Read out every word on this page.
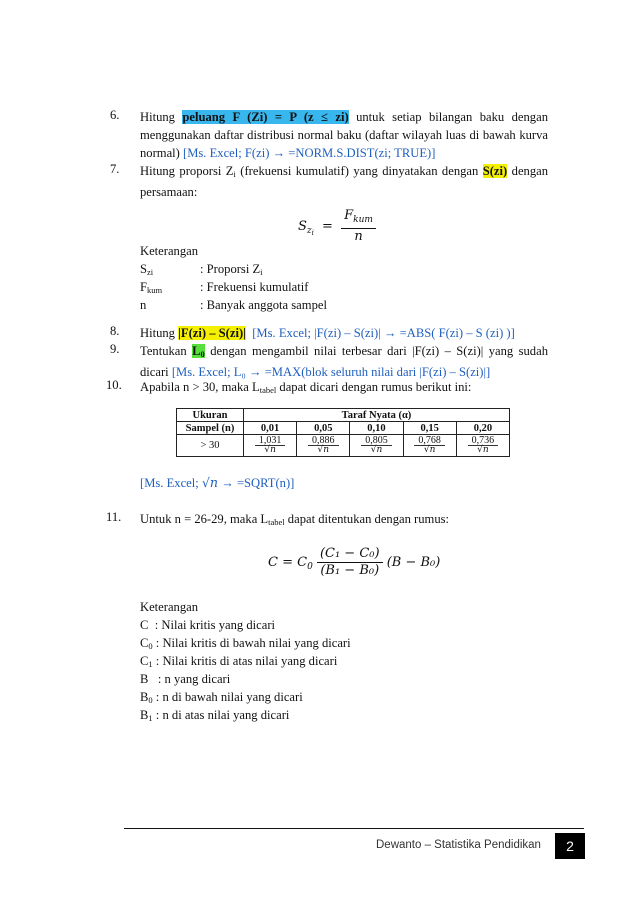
6.	Hitung peluang F (Zi) = P (z ≤ zi) untuk setiap bilangan baku dengan menggunakan daftar distribusi normal baku (daftar wilayah luas di bawah kurva normal) [Ms. Excel; F(zi) → =NORM.S.DIST(zi; TRUE)]
7.	Hitung proporsi $Z_i$ (frekuensi kumulatif) yang dinyatakan dengan S(zi) dengan persamaan:
$S_{z_i} = \frac{F_{kum}}{n}$
Keterangan
$S_{zi}$	: Proporsi $Z_i$
$F_{kum}$	: Frekuensi kumulatif
n	: Banyak anggota sampel
8.	Hitung |F(zi) – S(zi)|  [Ms. Excel; |F(zi) – S(zi)| → =ABS( F(zi) – S (zi) )]
9.	Tentukan $L_0$ dengan mengambil nilai terbesar dari |F(zi) – S(zi)| yang sudah dicari [Ms. Excel; L₀ → =MAX(blok seluruh nilai dari |F(zi) – S(zi)|]
10.	Apabila n > 30, maka $L_{tabel}$ dapat dicari dengan rumus berikut ini:
Ukuran	Taraf Nyata (α)				
Sampel (n)	0,01	0,05	0,10	0,15	0,20
> 30	$\frac{1,031}{√n}$	$\frac{0,886}{√n}$	$\frac{0,805}{√n}$	$\frac{0,768}{√n}$	$\frac{0,736}{√n}$
[Ms. Excel; √n → =SQRT(n)]
11.	Untuk n = 26-29, maka $L_{tabel}$ dapat ditentukan dengan rumus:
$C = C_0 \frac{\text{(C₁ − C₀)}}{\text{(B₁ − B₀)}} (B - B_0)$
Keterangan
C  : Nilai kritis yang dicari
$C_0$ : Nilai kritis di bawah nilai yang dicari
$C_1$ : Nilai kritis di atas nilai yang dicari
B   : n yang dicari
$B_0$ : n di bawah nilai yang dicari
$B_1$ : n di atas nilai yang dicari
Dewanto – Statistika Pendidikan	2
